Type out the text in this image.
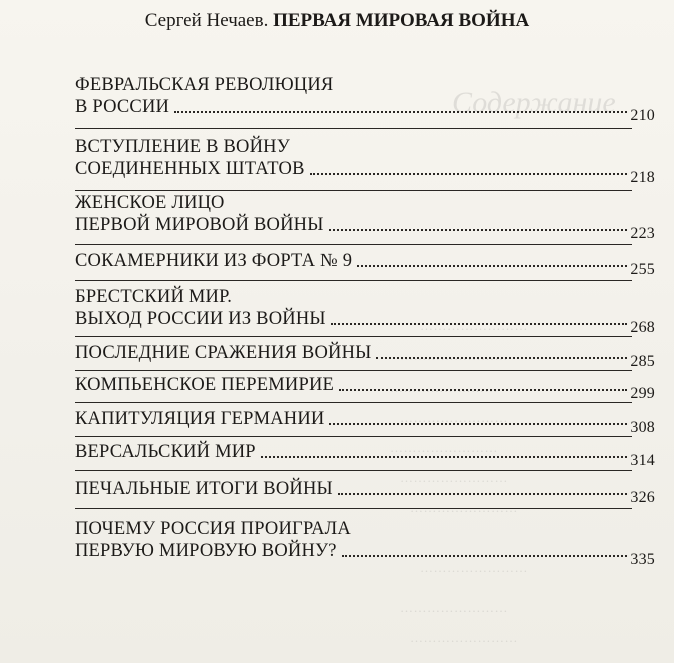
Сергей Нечаев. ПЕРВАЯ МИРОВАЯ ВОЙНА
ФЕВРАЛЬСКАЯ РЕВОЛЮЦИЯ
В РОССИИ	210
ВСТУПЛЕНИЕ В ВОЙНУ
СОЕДИНЕННЫХ ШТАТОВ	218
ЖЕНСКОЕ ЛИЦО
ПЕРВОЙ МИРОВОЙ ВОЙНЫ	223
СОКАМЕРНИКИ ИЗ ФОРТА № 9	255
БРЕСТСКИЙ МИР.
ВЫХОД РОССИИ ИЗ ВОЙНЫ	268
ПОСЛЕДНИЕ СРАЖЕНИЯ ВОЙНЫ	285
КОМПЬЕНСКОЕ ПЕРЕМИРИЕ	299
КАПИТУЛЯЦИЯ ГЕРМАНИИ	308
ВЕРСАЛЬСКИЙ МИР	314
ПЕЧАЛЬНЫЕ ИТОГИ ВОЙНЫ	326
ПОЧЕМУ РОССИЯ ПРОИГРАЛА
ПЕРВУЮ МИРОВУЮ ВОЙНУ?	335
